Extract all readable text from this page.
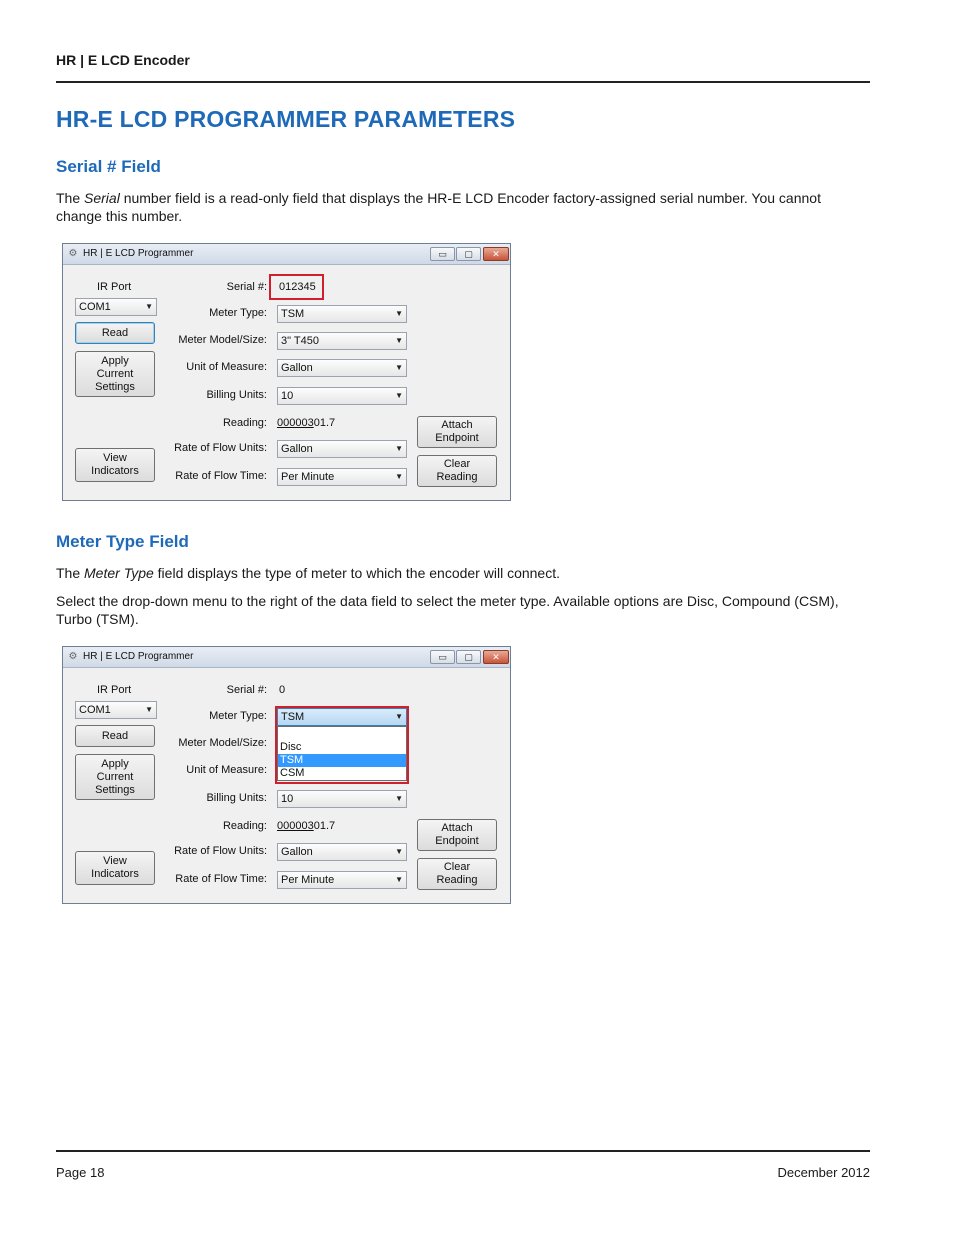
HR | E LCD Encoder
HR-E LCD PROGRAMMER PARAMETERS
Serial # Field

The Serial number field is a read-only field that displays the HR-E LCD Encoder factory-assigned serial number. You cannot change this number.

⚙ HR | E LCD Programmer	▭	▢	✕
IR Port
COM1	▼
Read
Apply Current Settings
View Indicators
Serial #: 012345
Meter Type:	TSM	▼
Meter Model/Size:	3" T450	▼
Unit of Measure:	Gallon	▼
Billing Units:	10	▼
Reading: 00000301.7
Rate of Flow Units:	Gallon	▼
Rate of Flow Time:	Per Minute	▼
Attach Endpoint
Clear Reading
Meter Type Field

The Meter Type field displays the type of meter to which the encoder will connect.

Select the drop-down menu to the right of the data field to select the meter type. Available options are Disc, Compound (CSM), Turbo (TSM).

⚙ HR | E LCD Programmer	▭	▢	✕
IR Port
COM1	▼
Read
Apply Current Settings
View Indicators
Serial #: 0
Meter Type:	TSM	▼
Disc
TSM
CSM
Meter Model/Size:
Unit of Measure:
Billing Units:	10	▼
Reading: 00000301.7
Rate of Flow Units:	Gallon	▼
Rate of Flow Time:	Per Minute	▼
Attach Endpoint
Clear Reading
Page 18	December 2012
